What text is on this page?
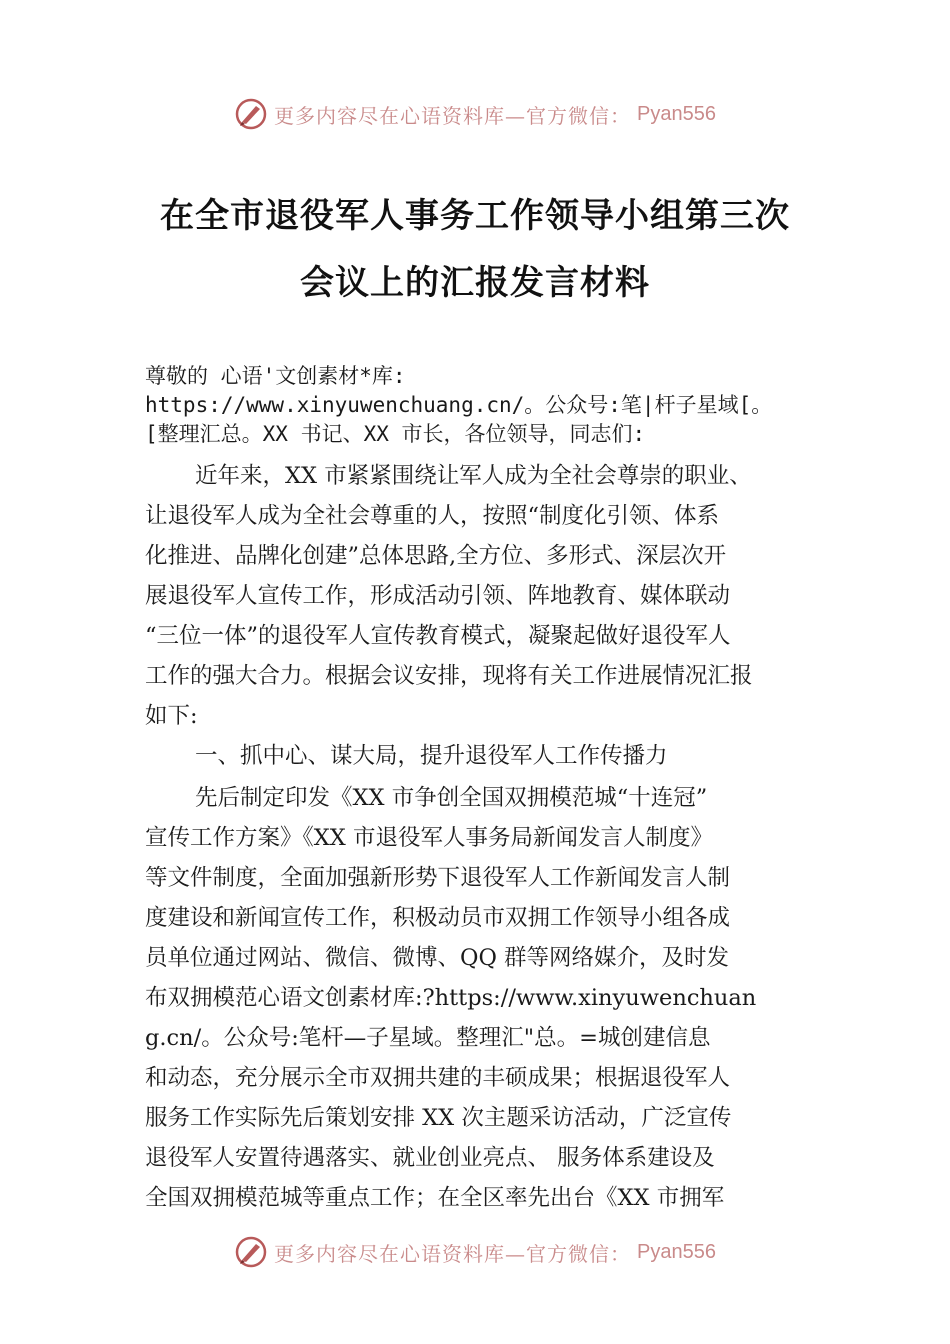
更多内容尽在心语资料库—官方微信： Pyan556
在全市退役军人事务工作领导小组第三次
会议上的汇报发言材料
尊敬的 心语'文创素材*库:
https://www.xinyuwenchuang.cn/。公众号:笔|杆子星域[。
[整理汇总。XX 书记、XX 市长，各位领导，同志们:
近年来，XX 市紧紧围绕让军人成为全社会尊崇的职业、
让退役军人成为全社会尊重的人，按照“制度化引领、体系
化推进、品牌化创建”总体思路,全方位、多形式、深层次开
展退役军人宣传工作，形成活动引领、阵地教育、媒体联动
“三位一体”的退役军人宣传教育模式，凝聚起做好退役军人
工作的强大合力。根据会议安排，现将有关工作进展情况汇报
如下:
一、抓中心、谋大局，提升退役军人工作传播力
先后制定印发《XX 市争创全国双拥模范城“十连冠”
宣传工作方案》《XX 市退役军人事务局新闻发言人制度》
等文件制度，全面加强新形势下退役军人工作新闻发言人制
度建设和新闻宣传工作，积极动员市双拥工作领导小组各成
员单位通过网站、微信、微博、QQ 群等网络媒介，及时发
布双拥模范心语文创素材库:?https://www.xinyuwenchuan
g.cn/。公众号:笔杆—子星域。整理汇"总。=城创建信息
和动态，充分展示全市双拥共建的丰硕成果；根据退役军人
服务工作实际先后策划安排 XX 次主题采访活动，广泛宣传
退役军人安置待遇落实、就业创业亮点、 服务体系建设及
全国双拥模范城等重点工作；在全区率先出台《XX 市拥军
更多内容尽在心语资料库—官方微信： Pyan556
